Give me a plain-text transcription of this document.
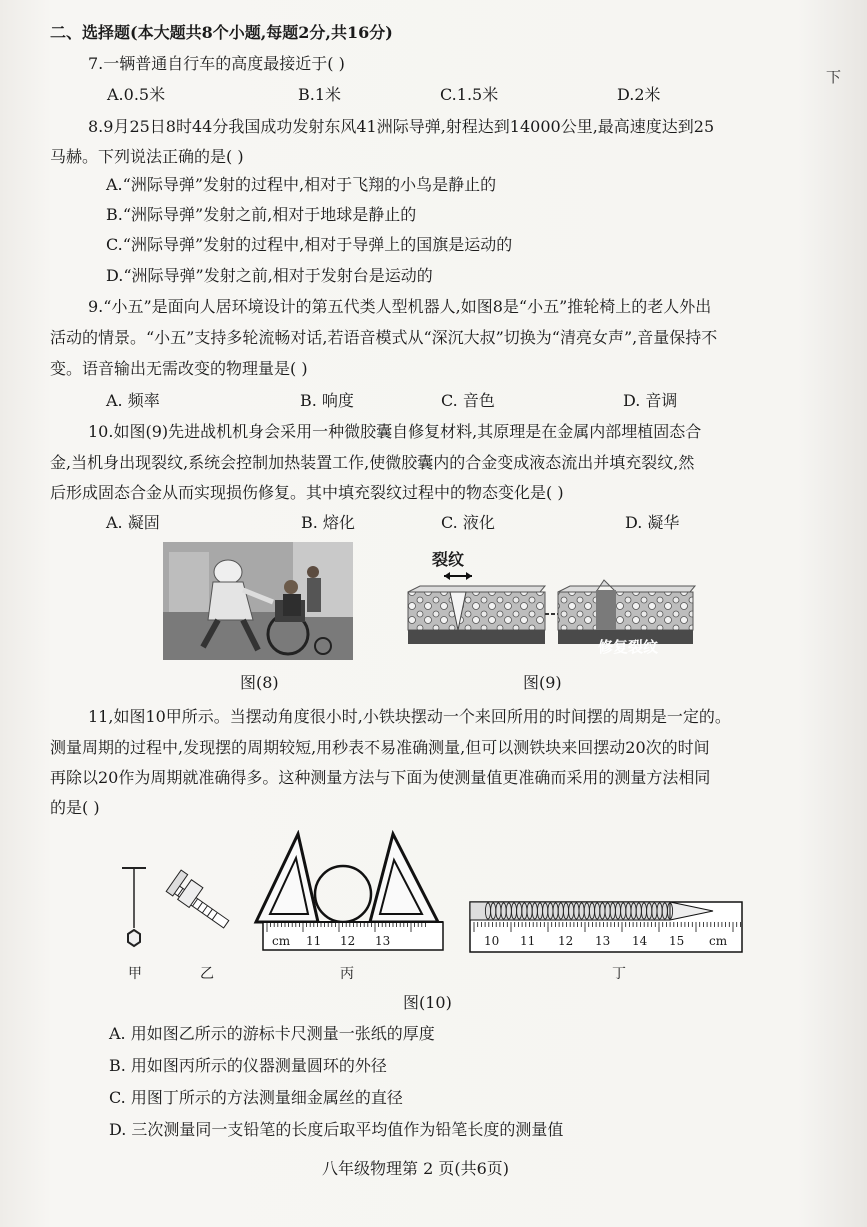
二、选择题(本大题共8个小题,每题2分,共16分)
下
7.一辆普通自行车的高度最接近于( )
A.0.5米	B.1米	C.1.5米	D.2米
8.9月25日8时44分我国成功发射东风41洲际导弹,射程达到14000公里,最高速度达到25
马赫。下列说法正确的是( )
A.“洲际导弹”发射的过程中,相对于飞翔的小鸟是静止的
B.“洲际导弹”发射之前,相对于地球是静止的
C.“洲际导弹”发射的过程中,相对于导弹上的国旗是运动的
D.“洲际导弹”发射之前,相对于发射台是运动的
9.“小五”是面向人居环境设计的第五代类人型机器人,如图8是“小五”推轮椅上的老人外出
活动的情景。“小五”支持多轮流畅对话,若语音模式从“深沉大叔”切换为“清亮女声”,音量保持不
变。语音输出无需改变的物理量是( )
A. 频率	B. 响度	C. 音色	D. 音调
10.如图(9)先进战机机身会采用一种微胶囊自修复材料,其原理是在金属内部埋植固态合
金,当机身出现裂纹,系统会控制加热装置工作,使微胶囊内的合金变成液态流出并填充裂纹,然
后形成固态合金从而实现损伤修复。其中填充裂纹过程中的物态变化是( )
A. 凝固	B. 熔化	C. 液化	D. 凝华
裂纹
修复裂纹
图(8)	图(9)
11,如图10甲所示。当摆动角度很小时,小铁块摆动一个来回所用的时间摆的周期是一定的。
测量周期的过程中,发现摆的周期较短,用秒表不易准确测量,但可以测铁块来回摆动20次的时间
再除以20作为周期就准确得多。这种测量方法与下面为使测量值更准确而采用的测量方法相同
的是( )
cm 11 12 13	10 11 12 13 14 15 cm
甲	乙	丙	丁
图(10)
A. 用如图乙所示的游标卡尺测量一张纸的厚度
B. 用如图丙所示的仪器测量圆环的外径
C. 用图丁所示的方法测量细金属丝的直径
D. 三次测量同一支铅笔的长度后取平均值作为铅笔长度的测量值
八年级物理第 2 页(共6页)
